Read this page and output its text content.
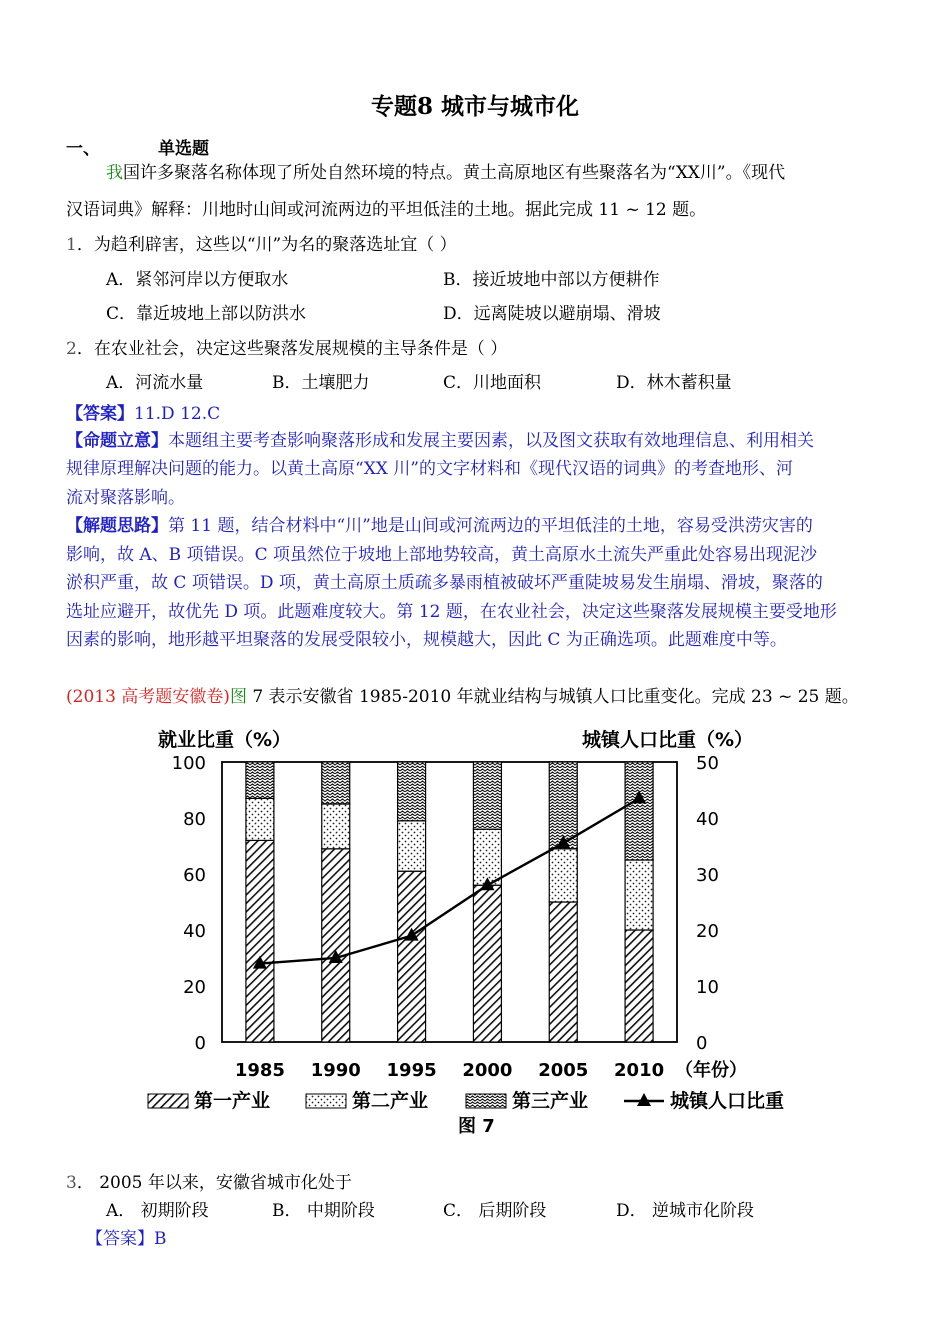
专题8 城市与城市化
一、	单选题
我国许多聚落名称体现了所处自然环境的特点。黄土高原地区有些聚落名为“XX川”。《现代
汉语词典》解释：川地时山间或河流两边的平坦低洼的土地。据此完成 11 ~ 12 题。
1．为趋利辟害，这些以“川”为名的聚落选址宜（ ）
A．紧邻河岸以方便取水	B．接近坡地中部以方便耕作
C．靠近坡地上部以防洪水	D．远离陡坡以避崩塌、滑坡
2．在农业社会，决定这些聚落发展规模的主导条件是（ ）
A．河流水量	B．土壤肥力	C．川地面积	D．林木蓄积量
【答案】11.D 12.C
【命题立意】本题组主要考查影响聚落形成和发展主要因素，以及图文获取有效地理信息、利用相关
规律原理解决问题的能力。以黄土高原“XX 川”的文字材料和《现代汉语的词典》的考查地形、河
流对聚落影响。
【解题思路】第 11 题，结合材料中“川”地是山间或河流两边的平坦低洼的土地，容易受洪涝灾害的
影响，故 A、B 项错误。C 项虽然位于坡地上部地势较高，黄土高原水土流失严重此处容易出现泥沙
淤积严重，故 C 项错误。D 项，黄土高原土质疏多暴雨植被破坏严重陡坡易发生崩塌、滑坡，聚落的
选址应避开，故优先 D 项。此题难度较大。第 12 题，在农业社会，决定这些聚落发展规模主要受地形
因素的影响，地形越平坦聚落的发展受限较小，规模越大，因此 C 为正确选项。此题难度中等。
(2013 高考题安徽卷)图 7 表示安徽省 1985-2010 年就业结构与城镇人口比重变化。完成 23 ~ 25 题。
就业比重（%）	城镇人口比重（%）
0
20
40
60
80
100
0
10
20
30
40
50
1985 1990 1995 2000 2005 2010 （年份）
第一产业	第二产业	第三产业	城镇人口比重
图 7
3． 2005 年以来，安徽省城市化处于
A． 初期阶段	B． 中期阶段	C． 后期阶段	D． 逆城市化阶段
【答案】B
